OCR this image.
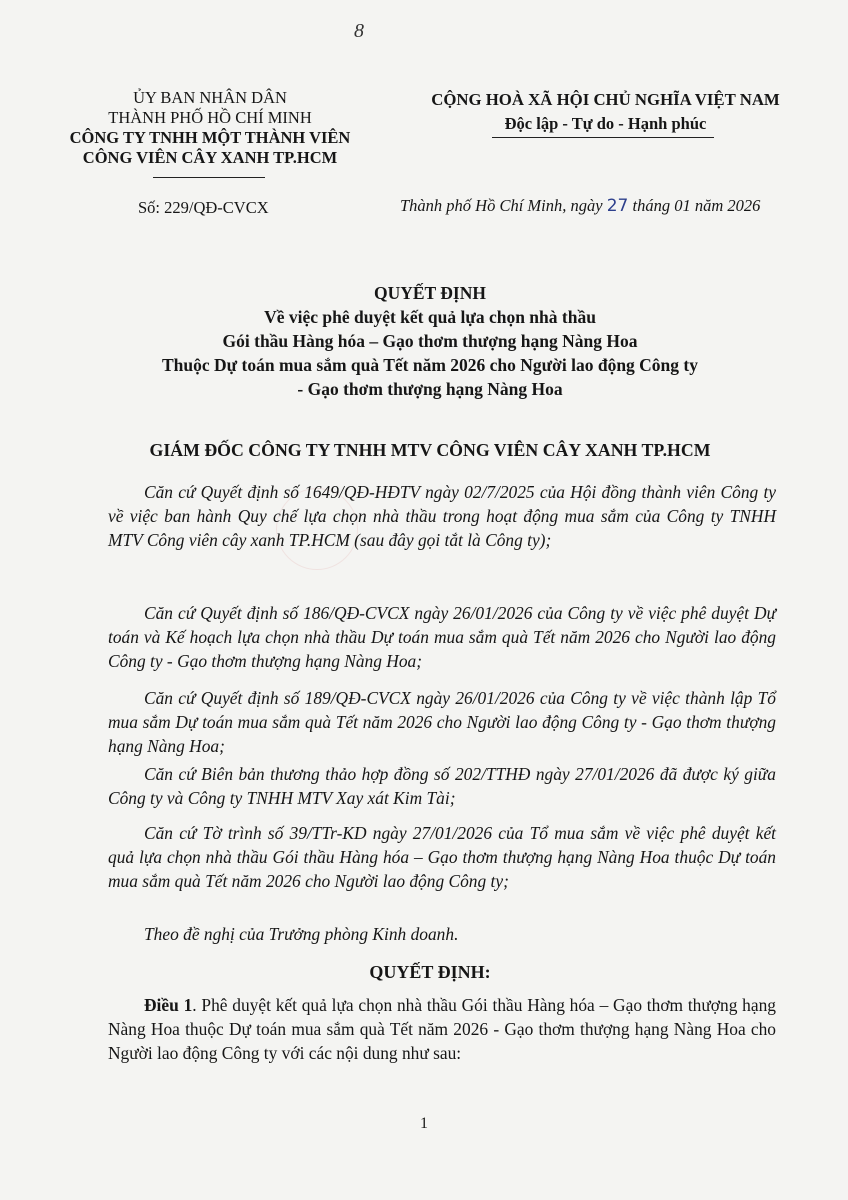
8
ỦY BAN NHÂN DÂN
THÀNH PHỐ HỒ CHÍ MINH
CÔNG TY TNHH MỘT THÀNH VIÊN
CÔNG VIÊN CÂY XANH TP.HCM
CỘNG HOÀ XÃ HỘI CHỦ NGHĨA VIỆT NAM
Độc lập - Tự do - Hạnh phúc
Số: 229/QĐ-CVCX	Thành phố Hồ Chí Minh, ngày 27 tháng 01 năm 2026
QUYẾT ĐỊNH
Về việc phê duyệt kết quả lựa chọn nhà thầu
Gói thầu Hàng hóa – Gạo thơm thượng hạng Nàng Hoa
Thuộc Dự toán mua sắm quà Tết năm 2026 cho Người lao động Công ty
- Gạo thơm thượng hạng Nàng Hoa
GIÁM ĐỐC CÔNG TY TNHH MTV CÔNG VIÊN CÂY XANH TP.HCM

Căn cứ Quyết định số 1649/QĐ-HĐTV ngày 02/7/2025 của Hội đồng thành viên Công ty về việc ban hành Quy chế lựa chọn nhà thầu trong hoạt động mua sắm của Công ty TNHH MTV Công viên cây xanh TP.HCM (sau đây gọi tắt là Công ty);

Căn cứ Quyết định số 186/QĐ-CVCX ngày 26/01/2026 của Công ty về việc phê duyệt Dự toán và Kế hoạch lựa chọn nhà thầu Dự toán mua sắm quà Tết năm 2026 cho Người lao động Công ty - Gạo thơm thượng hạng Nàng Hoa;

Căn cứ Quyết định số 189/QĐ-CVCX ngày 26/01/2026 của Công ty về việc thành lập Tổ mua sắm Dự toán mua sắm quà Tết năm 2026 cho Người lao động Công ty - Gạo thơm thượng hạng Nàng Hoa;

Căn cứ Biên bản thương thảo hợp đồng số 202/TTHĐ ngày 27/01/2026 đã được ký giữa Công ty và Công ty TNHH MTV Xay xát Kim Tài;

Căn cứ Tờ trình số 39/TTr-KD ngày 27/01/2026 của Tổ mua sắm về việc phê duyệt kết quả lựa chọn nhà thầu Gói thầu Hàng hóa – Gạo thơm thượng hạng Nàng Hoa thuộc Dự toán mua sắm quà Tết năm 2026 cho Người lao động Công ty;

Theo đề nghị của Trưởng phòng Kinh doanh.

QUYẾT ĐỊNH:

Điều 1. Phê duyệt kết quả lựa chọn nhà thầu Gói thầu Hàng hóa – Gạo thơm thượng hạng Nàng Hoa thuộc Dự toán mua sắm quà Tết năm 2026 - Gạo thơm thượng hạng Nàng Hoa cho Người lao động Công ty với các nội dung như sau:

1
